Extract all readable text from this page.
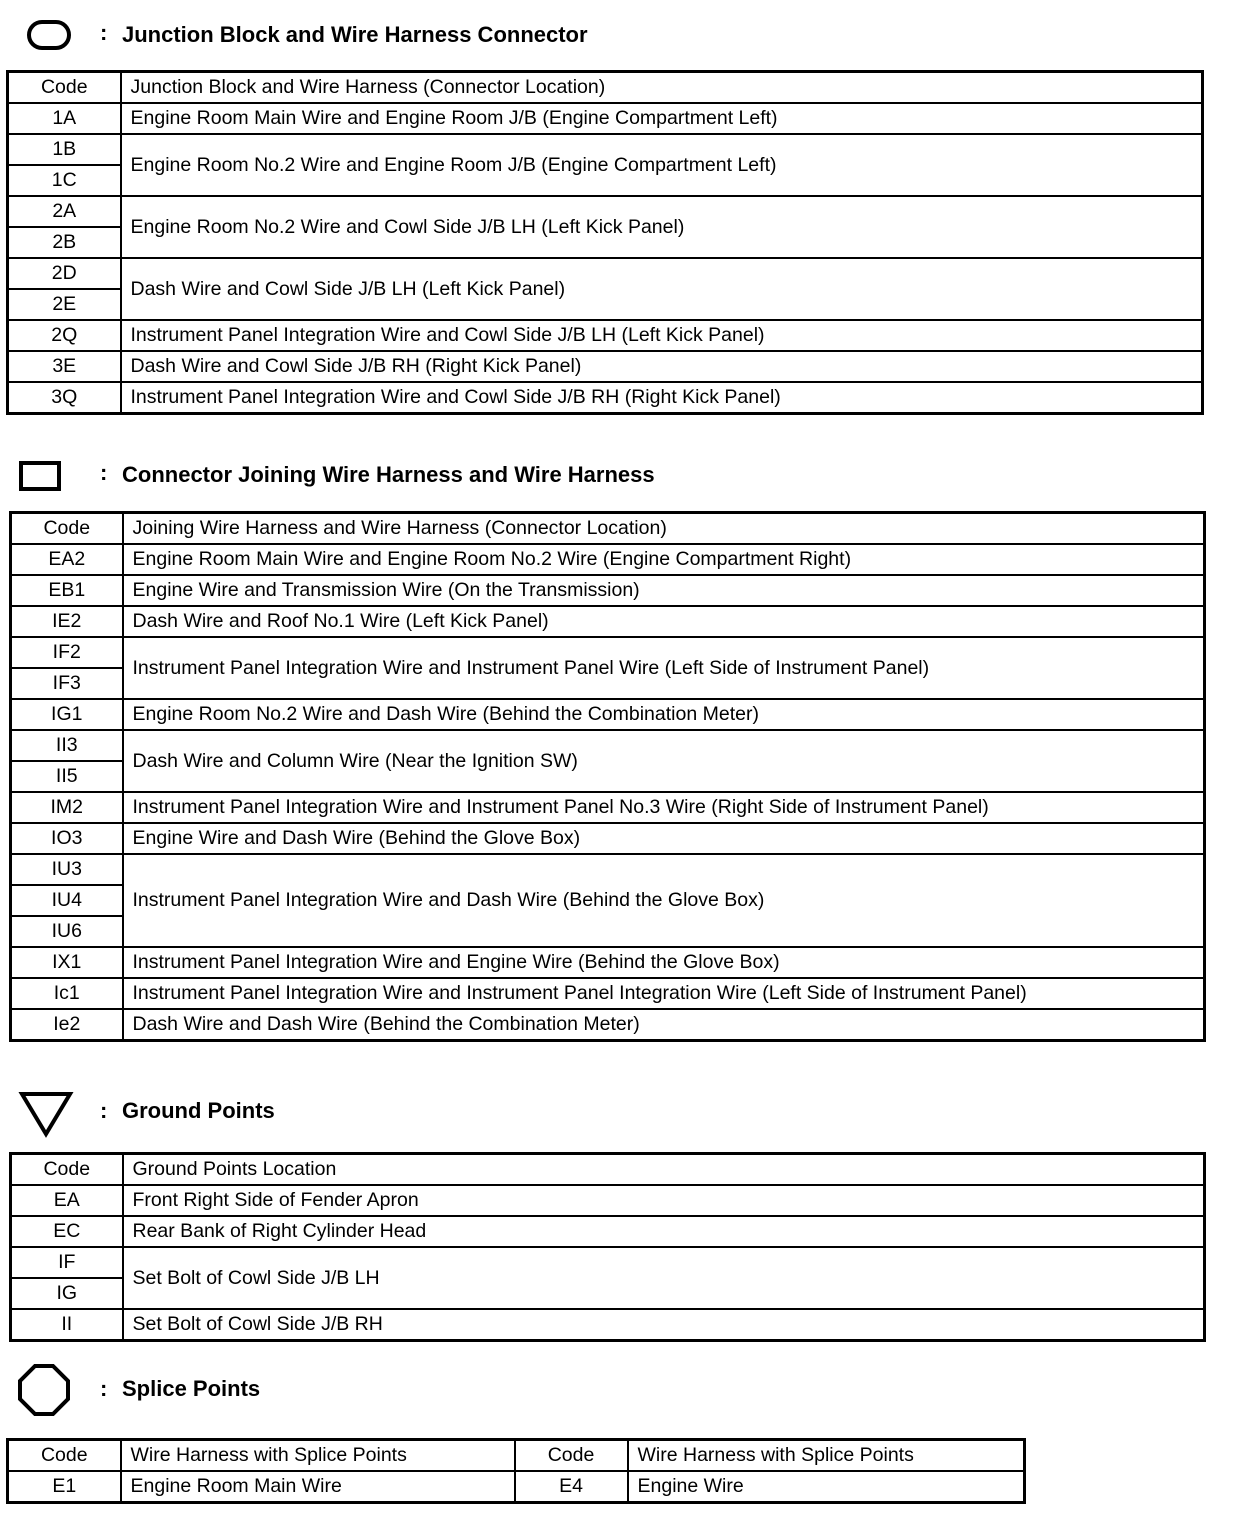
: Junction Block and Wire Harness Connector
Code	Junction Block and Wire Harness (Connector Location)
1A	Engine Room Main Wire and Engine Room J/B (Engine Compartment Left)
1B	Engine Room No.2 Wire and Engine Room J/B (Engine Compartment Left)
1C	
2A	Engine Room No.2 Wire and Cowl Side J/B LH (Left Kick Panel)
2B	
2D	Dash Wire and Cowl Side J/B LH (Left Kick Panel)
2E	
2Q	Instrument Panel Integration Wire and Cowl Side J/B LH (Left Kick Panel)
3E	Dash Wire and Cowl Side J/B RH (Right Kick Panel)
3Q	Instrument Panel Integration Wire and Cowl Side J/B RH (Right Kick Panel)
: Connector Joining Wire Harness and Wire Harness
Code	Joining Wire Harness and Wire Harness (Connector Location)
EA2	Engine Room Main Wire and Engine Room No.2 Wire (Engine Compartment Right)
EB1	Engine Wire and Transmission Wire (On the Transmission)
IE2	Dash Wire and Roof No.1 Wire (Left Kick Panel)
IF2	Instrument Panel Integration Wire and Instrument Panel Wire (Left Side of Instrument Panel)
IF3	
IG1	Engine Room No.2 Wire and Dash Wire (Behind the Combination Meter)
II3	Dash Wire and Column Wire (Near the Ignition SW)
II5	
IM2	Instrument Panel Integration Wire and Instrument Panel No.3 Wire (Right Side of Instrument Panel)
IO3	Engine Wire and Dash Wire (Behind the Glove Box)
IU3	Instrument Panel Integration Wire and Dash Wire (Behind the Glove Box)
IU4	
IU6	
IX1	Instrument Panel Integration Wire and Engine Wire (Behind the Glove Box)
Ic1	Instrument Panel Integration Wire and Instrument Panel Integration Wire (Left Side of Instrument Panel)
Ie2	Dash Wire and Dash Wire (Behind the Combination Meter)
: Ground Points
Code	Ground Points Location
EA	Front Right Side of Fender Apron
EC	Rear Bank of Right Cylinder Head
IF	Set Bolt of Cowl Side J/B LH
IG	
II	Set Bolt of Cowl Side J/B RH
: Splice Points
Code	Wire Harness with Splice Points	Code	Wire Harness with Splice Points
E1	Engine Room Main Wire	E4	Engine Wire
